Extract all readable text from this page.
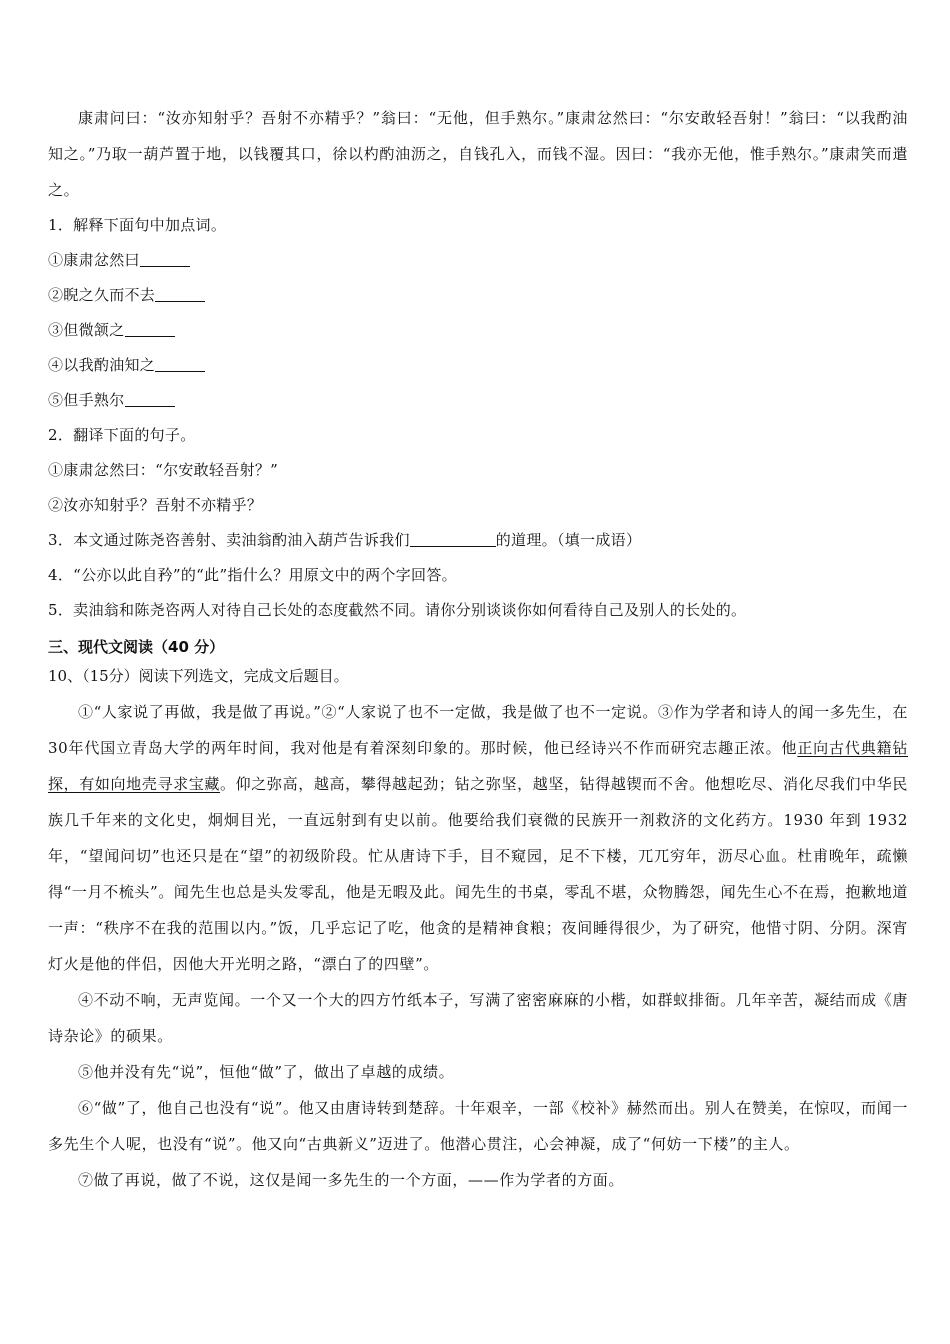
康肃问曰：“汝亦知射乎？吾射不亦精乎？”翁曰：“无他，但手熟尔。”康肃忿然曰：“尔安敢轻吾射！”翁曰：“以我酌油知之。”乃取一葫芦置于地，以钱覆其口，徐以杓酌油沥之，自钱孔入，而钱不湿。因曰：“我亦无他，惟手熟尔。”康肃笑而遣之。

1．解释下面句中加点词。

①康肃忿然曰

②睨之久而不去

③但微颔之

④以我酌油知之

⑤但手熟尔

2．翻译下面的句子。

①康肃忿然曰：“尔安敢轻吾射？”

②汝亦知射乎？吾射不亦精乎？

3．本文通过陈尧咨善射、卖油翁酌油入葫芦告诉我们	的道理。（填一成语）

4．“公亦以此自矜”的“此”指什么？用原文中的两个字回答。

5．卖油翁和陈尧咨两人对待自己长处的态度截然不同。请你分别谈谈你如何看待自己及别人的长处的。

三、现代文阅读（40 分）

10、（15分）阅读下列选文，完成文后题目。

①“人家说了再做，我是做了再说。”②“人家说了也不一定做，我是做了也不一定说。③作为学者和诗人的闻一多先生，在30年代国立青岛大学的两年时间，我对他是有着深刻印象的。那时候，他已经诗兴不作而研究志趣正浓。他正向古代典籍钻探，有如向地壳寻求宝藏。仰之弥高，越高，攀得越起劲；钻之弥坚，越坚，钻得越锲而不舍。他想吃尽、消化尽我们中华民族几千年来的文化史，炯炯目光，一直远射到有史以前。他要给我们衰微的民族开一剂救济的文化药方。1930 年到 1932 年，“望闻问切”也还只是在“望”的初级阶段。忙从唐诗下手，目不窥园，足不下楼，兀兀穷年，沥尽心血。杜甫晚年，疏懒得“一月不梳头”。闻先生也总是头发零乱，他是无暇及此。闻先生的书桌，零乱不堪，众物腾怨，闻先生心不在焉，抱歉地道一声：“秩序不在我的范围以内。”饭，几乎忘记了吃，他贪的是精神食粮；夜间睡得很少，为了研究，他惜寸阴、分阴。深宵灯火是他的伴侣，因他大开光明之路，“漂白了的四壁”。

④不动不响，无声览闻。一个又一个大的四方竹纸本子，写满了密密麻麻的小楷，如群蚁排衙。几年辛苦，凝结而成《唐诗杂论》的硕果。

⑤他并没有先“说”，恒他“做”了，做出了卓越的成绩。

⑥“做”了，他自己也没有“说”。他又由唐诗转到楚辞。十年艰辛，一部《校补》赫然而出。别人在赞美，在惊叹，而闻一多先生个人呢，也没有“说”。他又向“古典新义”迈进了。他潜心贯注，心会神凝，成了“何妨一下楼”的主人。

⑦做了再说，做了不说，这仅是闻一多先生的一个方面，——作为学者的方面。
